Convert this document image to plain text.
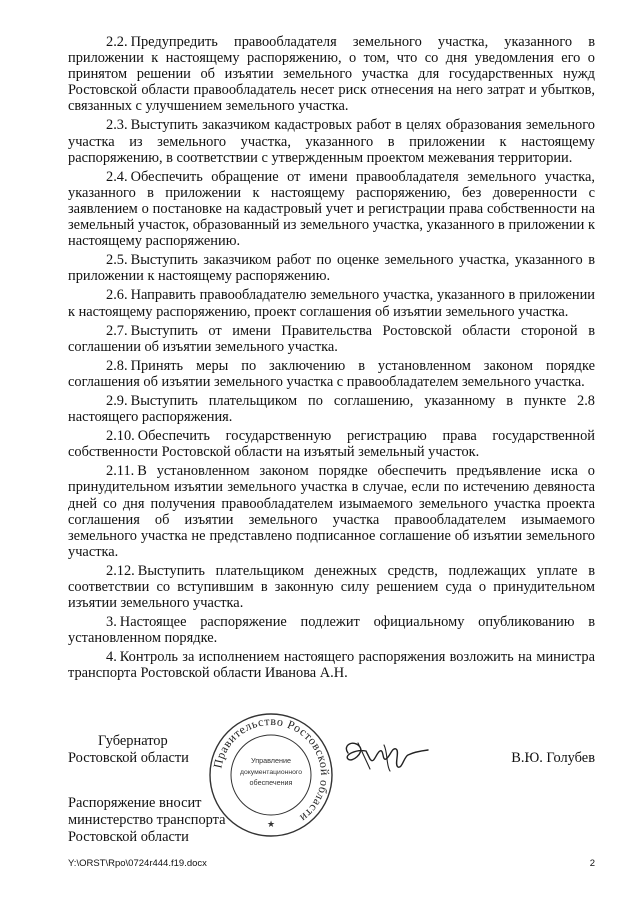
2.2. Предупредить правообладателя земельного участка, указанного в приложении к настоящему распоряжению, о том, что со дня уведомления его о принятом решении об изъятии земельного участка для государственных нужд Ростовской области правообладатель несет риск отнесения на него затрат и убытков, связанных с улучшением земельного участка.

2.3. Выступить заказчиком кадастровых работ в целях образования земельного участка из земельного участка, указанного в приложении к настоящему распоряжению, в соответствии с утвержденным проектом межевания территории.

2.4. Обеспечить обращение от имени правообладателя земельного участка, указанного в приложении к настоящему распоряжению, без доверенности с заявлением о постановке на кадастровый учет и регистрации права собственности на земельный участок, образованный из земельного участка, указанного в приложении к настоящему распоряжению.

2.5. Выступить заказчиком работ по оценке земельного участка, указанного в приложении к настоящему распоряжению.

2.6. Направить правообладателю земельного участка, указанного в приложении к настоящему распоряжению, проект соглашения об изъятии земельного участка.

2.7. Выступить от имени Правительства Ростовской области стороной в соглашении об изъятии земельного участка.

2.8. Принять меры по заключению в установленном законом порядке соглашения об изъятии земельного участка с правообладателем земельного участка.

2.9. Выступить плательщиком по соглашению, указанному в пункте 2.8 настоящего распоряжения.

2.10. Обеспечить государственную регистрацию права государственной собственности Ростовской области на изъятый земельный участок.

2.11. В установленном законом порядке обеспечить предъявление иска о принудительном изъятии земельного участка в случае, если по истечению девяноста дней со дня получения правообладателем изымаемого земельного участка проекта соглашения об изъятии земельного участка правообладателем изымаемого земельного участка не представлено подписанное соглашение об изъятии земельного участка.

2.12. Выступить плательщиком денежных средств, подлежащих уплате в соответствии со вступившим в законную силу решением суда о принудительном изъятии земельного участка.

3. Настоящее распоряжение подлежит официальному опубликованию в установленном порядке.

4. Контроль за исполнением настоящего распоряжения возложить на министра транспорта Ростовской области Иванова А.Н.

Губернатор
Ростовской области	В.Ю. Голубев
Распоряжение вносит
министерство транспорта
Ростовской области
Правительство Ростовской области
Управление
документационного
обеспечения
★
Y:\ORST\Rpo\0724r444.f19.docx	2
